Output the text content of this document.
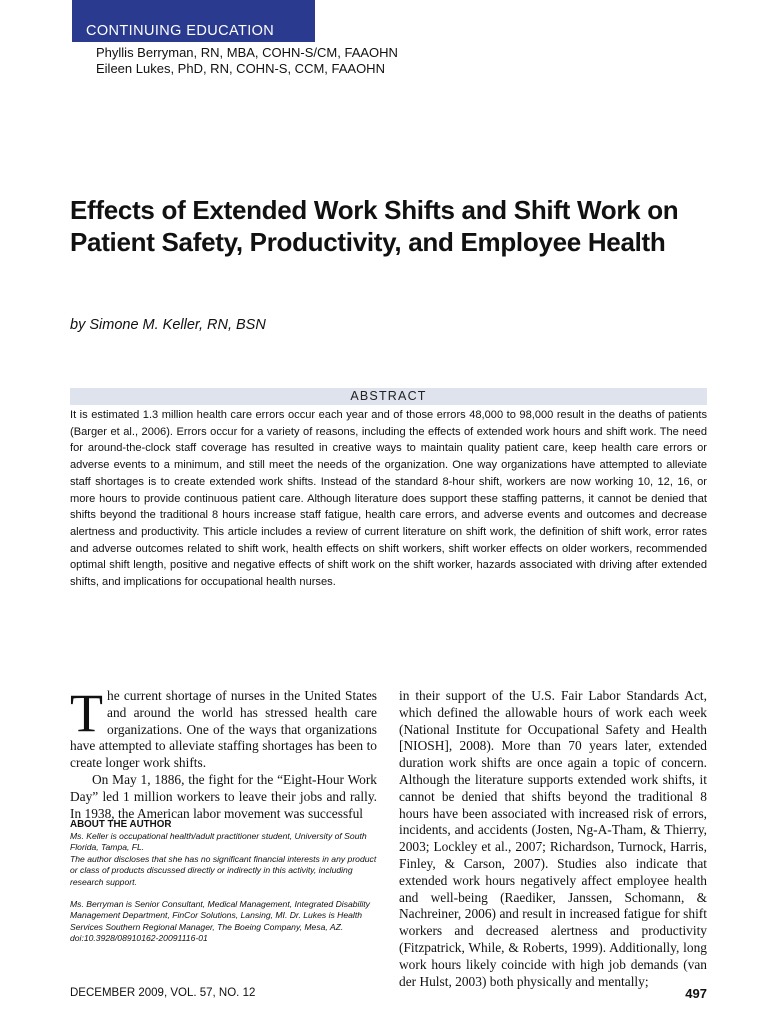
CONTINUING EDUCATION
Phyllis Berryman, RN, MBA, COHN-S/CM, FAAOHN
Eileen Lukes, PhD, RN, COHN-S, CCM, FAAOHN
Effects of Extended Work Shifts and Shift Work on Patient Safety, Productivity, and Employee Health
by Simone M. Keller, RN, BSN
ABSTRACT

It is estimated 1.3 million health care errors occur each year and of those errors 48,000 to 98,000 result in the deaths of patients (Barger et al., 2006). Errors occur for a variety of reasons, including the effects of extended work hours and shift work. The need for around-the-clock staff coverage has resulted in creative ways to maintain quality patient care, keep health care errors or adverse events to a minimum, and still meet the needs of the organization. One way organizations have attempted to alleviate staff shortages is to create extended work shifts. Instead of the standard 8-hour shift, workers are now working 10, 12, 16, or more hours to provide continuous patient care. Although literature does support these staffing patterns, it cannot be denied that shifts beyond the traditional 8 hours increase staff fatigue, health care errors, and adverse events and outcomes and decrease alertness and productivity. This article includes a review of current literature on shift work, the definition of shift work, error rates and adverse outcomes related to shift work, health effects on shift workers, shift worker effects on older workers, recommended optimal shift length, positive and negative effects of shift work on the shift worker, hazards associated with driving after extended shifts, and implications for occupational health nurses.

The current shortage of nurses in the United States and around the world has stressed health care organizations. One of the ways that organizations have attempted to alleviate staffing shortages has been to create longer work shifts.

On May 1, 1886, the fight for the “Eight-Hour Work Day” led 1 million workers to leave their jobs and rally. In 1938, the American labor movement was successful

ABOUT THE AUTHOR

Ms. Keller is occupational health/adult practitioner student, University of South Florida, Tampa, FL.

The author discloses that she has no significant financial interests in any product or class of products discussed directly or indirectly in this activity, including research support.

Ms. Berryman is Senior Consultant, Medical Management, Integrated Disability Management Department, FinCor Solutions, Lansing, MI. Dr. Lukes is Health Services Southern Regional Manager, The Boeing Company, Mesa, AZ.

doi:10.3928/08910162-20091116-01

in their support of the U.S. Fair Labor Standards Act, which defined the allowable hours of work each week (National Institute for Occupational Safety and Health [NIOSH], 2008). More than 70 years later, extended duration work shifts are once again a topic of concern. Although the literature supports extended work shifts, it cannot be denied that shifts beyond the traditional 8 hours have been associated with increased risk of errors, incidents, and accidents (Josten, Ng-A-Tham, & Thierry, 2003; Lockley et al., 2007; Richardson, Turnock, Harris, Finley, & Carson, 2007). Studies also indicate that extended work hours negatively affect employee health and well-being (Raediker, Janssen, Schomann, & Nachreiner, 2006) and result in increased fatigue for shift workers and decreased alertness and productivity (Fitzpatrick, While, & Roberts, 1999). Additionally, long work hours likely coincide with high job demands (van der Hulst, 2003) both physically and mentally;

DECEMBER 2009, VOL. 57, NO. 12	497
